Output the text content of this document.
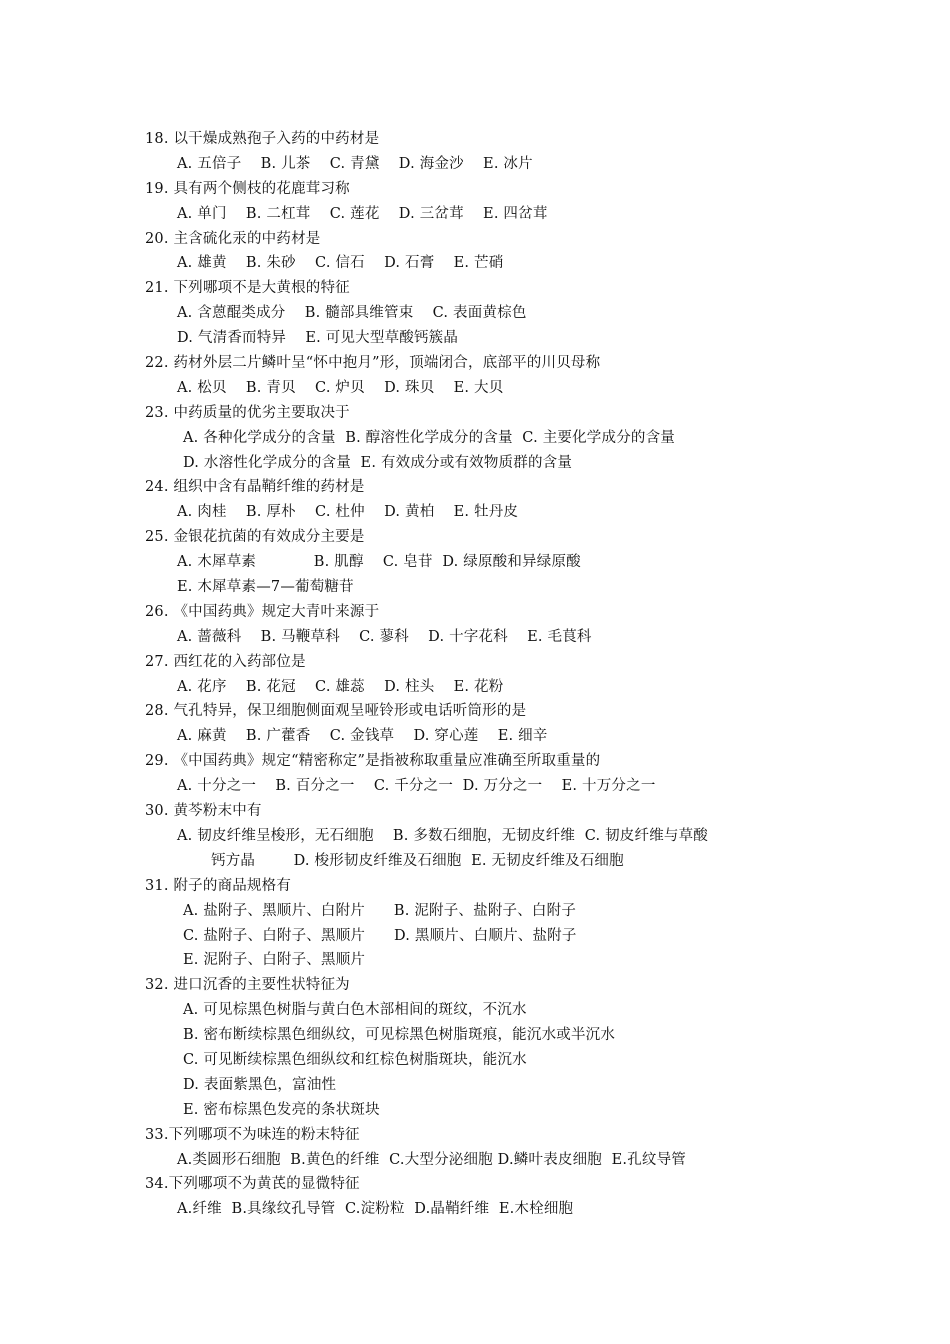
18. 以干燥成熟孢子入药的中药材是
A. 五倍子    B. 儿茶    C. 青黛    D. 海金沙    E. 冰片
19. 具有两个侧枝的花鹿茸习称
A. 单门    B. 二杠茸    C. 莲花    D. 三岔茸    E. 四岔茸
20. 主含硫化汞的中药材是
A. 雄黄    B. 朱砂    C. 信石    D. 石膏    E. 芒硝
21. 下列哪项不是大黄根的特征
A. 含蒽醌类成分    B. 髓部具维管束    C. 表面黄棕色
D. 气清香而特异    E. 可见大型草酸钙簇晶
22. 药材外层二片鳞叶呈“怀中抱月”形，顶端闭合，底部平的川贝母称
A. 松贝    B. 青贝    C. 炉贝    D. 珠贝    E. 大贝
23. 中药质量的优劣主要取决于
A. 各种化学成分的含量  B. 醇溶性化学成分的含量  C. 主要化学成分的含量
D. 水溶性化学成分的含量  E. 有效成分或有效物质群的含量
24. 组织中含有晶鞘纤维的药材是
A. 肉桂    B. 厚朴    C. 杜仲    D. 黄柏    E. 牡丹皮
25. 金银花抗菌的有效成分主要是
A. 木犀草素            B. 肌醇    C. 皂苷  D. 绿原酸和异绿原酸
E. 木犀草素—7—葡萄糖苷
26. 《中国药典》规定大青叶来源于
A. 蔷薇科    B. 马鞭草科    C. 蓼科    D. 十字花科    E. 毛茛科
27. 西红花的入药部位是
A. 花序    B. 花冠    C. 雄蕊    D. 柱头    E. 花粉
28. 气孔特异，保卫细胞侧面观呈哑铃形或电话听筒形的是
A. 麻黄    B. 广藿香    C. 金钱草    D. 穿心莲    E. 细辛
29. 《中国药典》规定“精密称定”是指被称取重量应准确至所取重量的
A. 十分之一    B. 百分之一    C. 千分之一  D. 万分之一    E. 十万分之一
30. 黄芩粉末中有
A. 韧皮纤维呈梭形，无石细胞    B. 多数石细胞，无韧皮纤维  C. 韧皮纤维与草酸
钙方晶        D. 梭形韧皮纤维及石细胞  E. 无韧皮纤维及石细胞
31. 附子的商品规格有
A. 盐附子、黑顺片、白附片      B. 泥附子、盐附子、白附子
C. 盐附子、白附子、黑顺片      D. 黑顺片、白顺片、盐附子
E. 泥附子、白附子、黑顺片
32. 进口沉香的主要性状特征为
A. 可见棕黑色树脂与黄白色木部相间的斑纹，不沉水
B. 密布断续棕黑色细纵纹，可见棕黑色树脂斑痕，能沉水或半沉水
C. 可见断续棕黑色细纵纹和红棕色树脂斑块，能沉水
D. 表面紫黑色，富油性
E. 密布棕黑色发亮的条状斑块
33.下列哪项不为味连的粉末特征
A.类圆形石细胞  B.黄色的纤维  C.大型分泌细胞 D.鳞叶表皮细胞  E.孔纹导管
34.下列哪项不为黄芪的显微特征
A.纤维  B.具缘纹孔导管  C.淀粉粒  D.晶鞘纤维  E.木栓细胞
